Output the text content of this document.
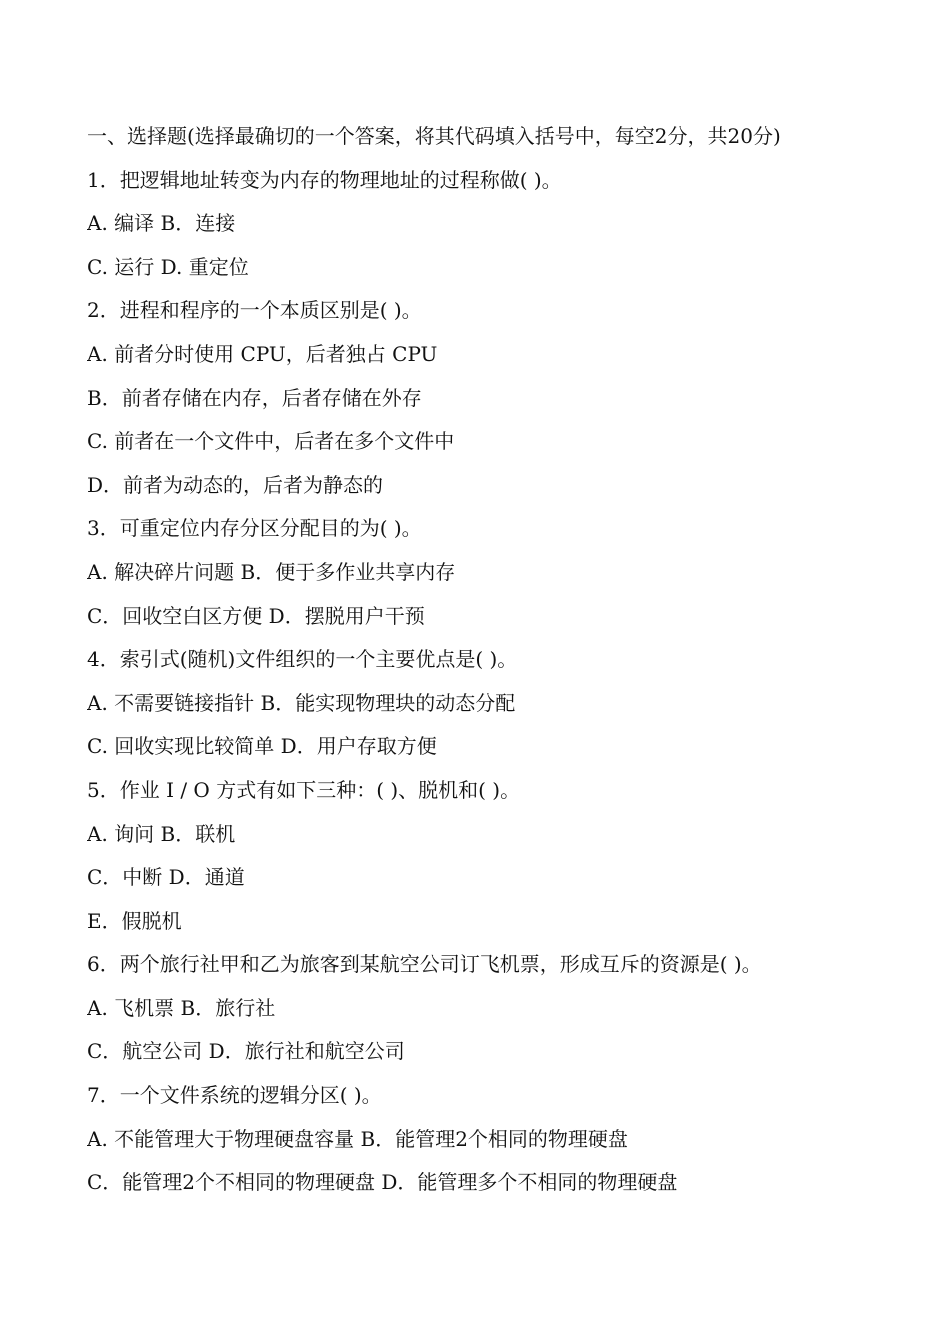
一、选择题(选择最确切的一个答案，将其代码填入括号中，每空2分，共20分)
1．把逻辑地址转变为内存的物理地址的过程称做( )。
A. 编译 B．连接
C. 运行 D. 重定位
2．进程和程序的一个本质区别是( )。
A. 前者分时使用 CPU，后者独占 CPU
B．前者存储在内存，后者存储在外存
C. 前者在一个文件中，后者在多个文件中
D．前者为动态的，后者为静态的
3．可重定位内存分区分配目的为( )。
A. 解决碎片问题 B．便于多作业共享内存
C．回收空白区方便 D．摆脱用户干预
4．索引式(随机)文件组织的一个主要优点是( )。
A. 不需要链接指针 B．能实现物理块的动态分配
C. 回收实现比较简单 D．用户存取方便
5．作业 I / O 方式有如下三种：( )、脱机和( )。
A. 询问 B．联机
C．中断 D．通道
E．假脱机
6．两个旅行社甲和乙为旅客到某航空公司订飞机票，形成互斥的资源是( )。
A. 飞机票 B．旅行社
C．航空公司 D．旅行社和航空公司
7．一个文件系统的逻辑分区( )。
A. 不能管理大于物理硬盘容量 B．能管理2个相同的物理硬盘
C．能管理2个不相同的物理硬盘 D．能管理多个不相同的物理硬盘
